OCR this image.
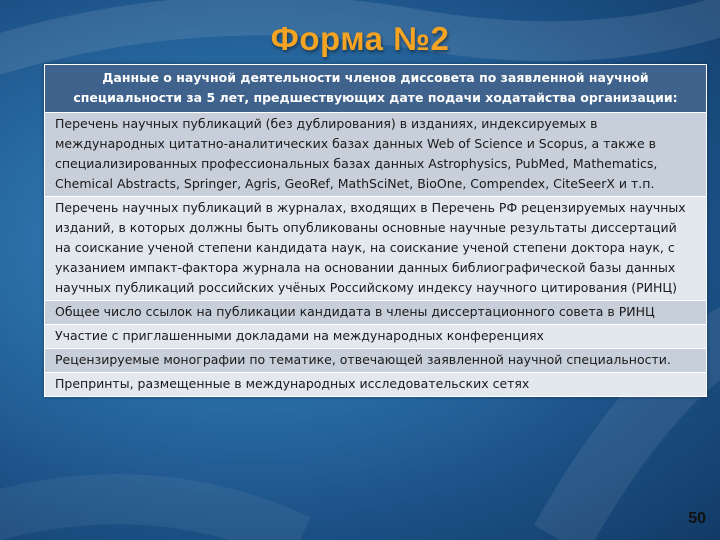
Форма №2
Данные о научной деятельности членов диссовета по заявленной научной специальности за 5 лет, предшествующих дате подачи ходатайства организации:
Перечень научных публикаций (без дублирования) в изданиях, индексируемых в международных цитатно-аналитических базах данных Web of Science и Scopus, а также в специализированных профессиональных базах данных Astrophysics, PubMed, Mathematics, Chemical Abstracts, Springer, Agris, GeoRef, MathSciNet, BioOne, Compendex, CiteSeerX и т.п.
Перечень научных публикаций в журналах, входящих в Перечень РФ рецензируемых научных изданий, в которых должны быть опубликованы основные научные результаты диссертаций на соискание ученой степени кандидата наук, на соискание ученой степени доктора наук, с указанием импакт-фактора журнала на основании данных библиографической базы данных научных публикаций российских учёных Российскому индексу научного цитирования (РИНЦ)
Общее число ссылок на публикации кандидата в члены диссертационного совета в РИНЦ
Участие с приглашенными докладами на международных конференциях
Рецензируемые монографии по тематике, отвечающей заявленной научной специальности.
Препринты, размещенные в международных исследовательских сетях
50
